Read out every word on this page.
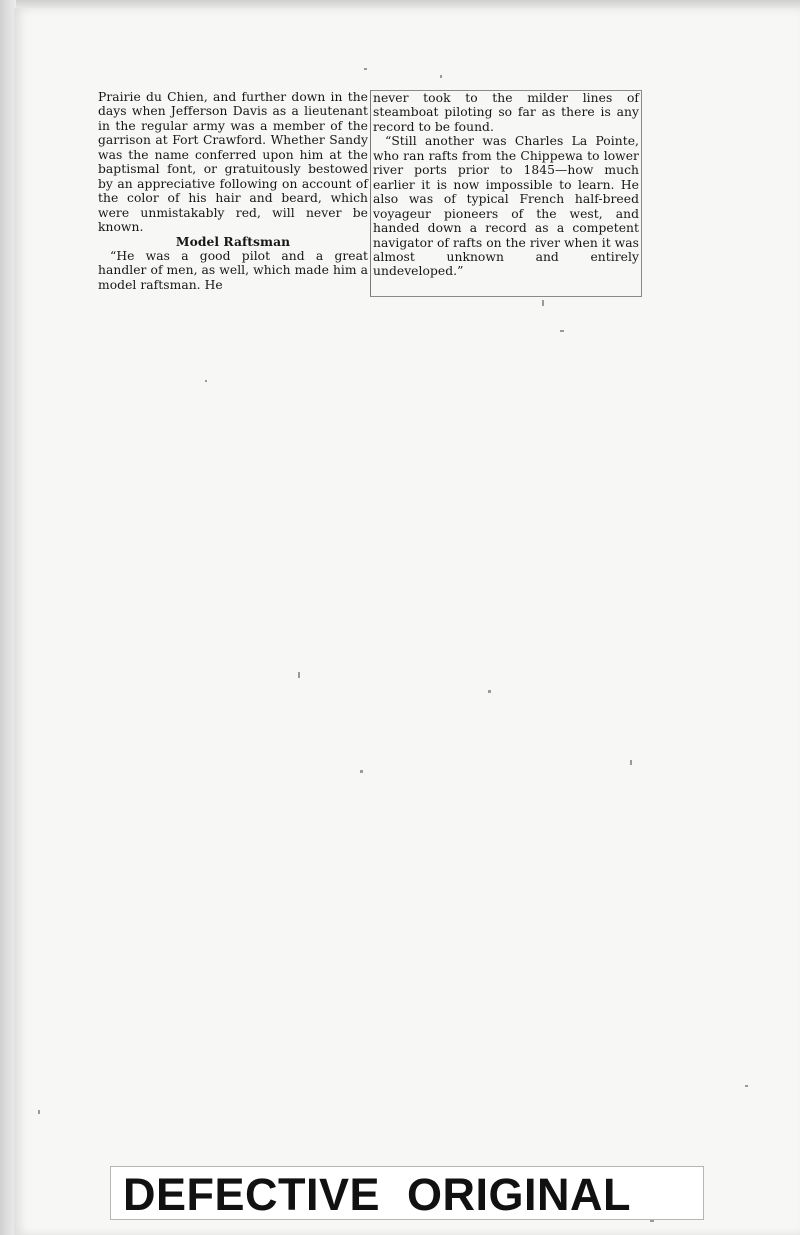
Prairie du Chien, and further down in the days when Jefferson Davis as a lieutenant in the regular army was a member of the garrison at Fort Crawford. Whether Sandy was the name conferred upon him at the baptismal font, or gratuitously bestowed by an appreciative following on account of the color of his hair and beard, which were unmistakably red, will never be known.

Model Raftsman

“He was a good pilot and a great handler of men, as well, which made him a model raftsman. He

never took to the milder lines of steamboat piloting so far as there is any record to be found.

“Still another was Charles La Pointe, who ran rafts from the Chippewa to lower river ports prior to 1845—how much earlier it is now impossible to learn. He also was of typical French half-breed voyageur pioneers of the west, and handed down a record as a competent navigator of rafts on the river when it was almost unknown and entirely undeveloped.”

DEFECTIVE ORIGINAL
